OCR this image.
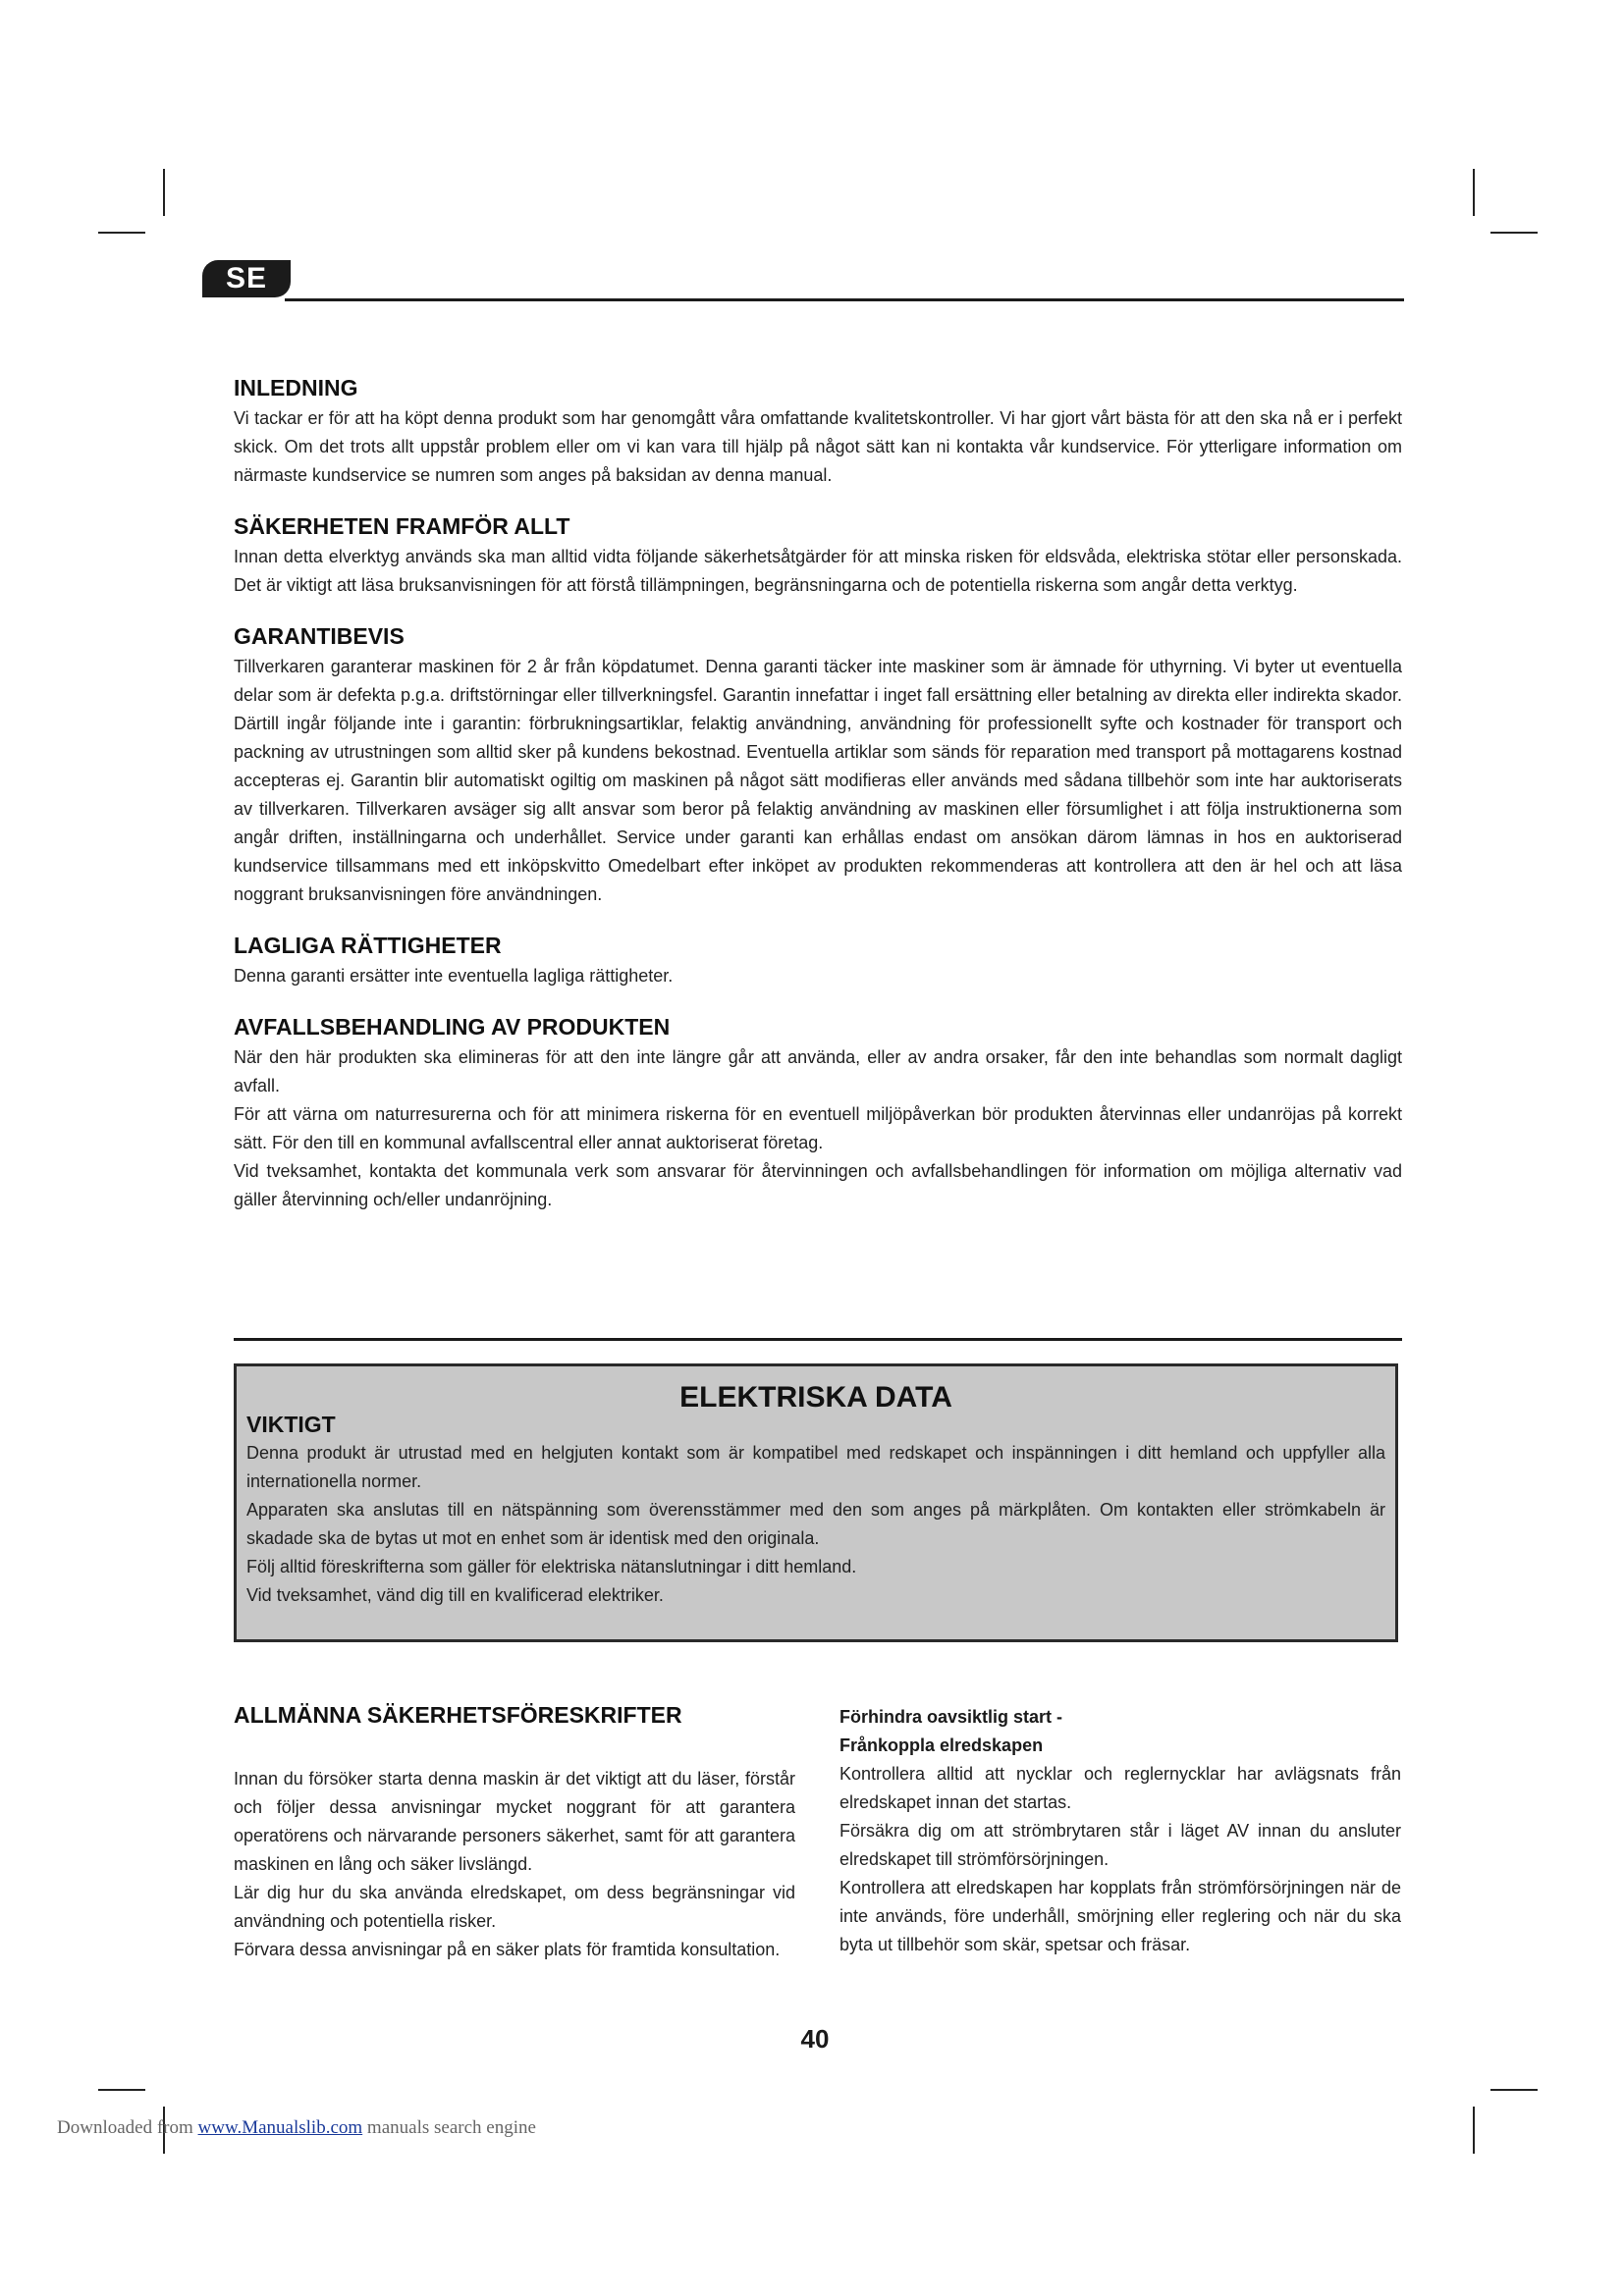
SE
INLEDNING

Vi tackar er för att ha köpt denna produkt som har genomgått våra omfattande kvalitetskontroller. Vi har gjort vårt bästa för att den ska nå er i perfekt skick. Om det trots allt uppstår problem eller om vi kan vara till hjälp på något sätt kan ni kontakta vår kundservice. För ytterligare information om närmaste kundservice se numren som anges på baksidan av denna manual.

SÄKERHETEN FRAMFÖR ALLT

Innan detta elverktyg används ska man alltid vidta följande säkerhetsåtgärder för att minska risken för eldsvåda, elektriska stötar eller personskada. Det är viktigt att läsa bruksanvisningen för att förstå tillämpningen, begränsningarna och de potentiella riskerna som angår detta verktyg.

GARANTIBEVIS

Tillverkaren garanterar maskinen för 2 år från köpdatumet. Denna garanti täcker inte maskiner som är ämnade för uthyrning. Vi byter ut eventuella delar som är defekta p.g.a. driftstörningar eller tillverkningsfel. Garantin innefattar i inget fall ersättning eller betalning av direkta eller indirekta skador. Därtill ingår följande inte i garantin: förbrukningsartiklar, felaktig användning, användning för professionellt syfte och kostnader för transport och packning av utrustningen som alltid sker på kundens bekostnad. Eventuella artiklar som sänds för reparation med transport på mottagarens kostnad accepteras ej. Garantin blir automatiskt ogiltig om maskinen på något sätt modifieras eller används med sådana tillbehör som inte har auktoriserats av tillverkaren. Tillverkaren avsäger sig allt ansvar som beror på felaktig användning av maskinen eller försumlighet i att följa instruktionerna som angår driften, inställningarna och underhållet. Service under garanti kan erhållas endast om ansökan därom lämnas in hos en auktoriserad kundservice tillsammans med ett inköpskvitto Omedelbart efter inköpet av produkten rekommenderas att kontrollera att den är hel och att läsa noggrant bruksanvisningen före användningen.

LAGLIGA RÄTTIGHETER

Denna garanti ersätter inte eventuella lagliga rättigheter.

AVFALLSBEHANDLING AV PRODUKTEN

När den här produkten ska elimineras för att den inte längre går att använda, eller av andra orsaker, får den inte behandlas som normalt dagligt avfall.

För att värna om naturresurerna och för att minimera riskerna för en eventuell miljöpåverkan bör produkten återvinnas eller undanröjas på korrekt sätt. För den till en kommunal avfallscentral eller annat auktoriserat företag.

Vid tveksamhet, kontakta det kommunala verk som ansvarar för återvinningen och avfallsbehandlingen för information om möjliga alternativ vad gäller återvinning och/eller undanröjning.

ELEKTRISKA DATA
VIKTIGT

Denna produkt är utrustad med en helgjuten kontakt som är kompatibel med redskapet och inspänningen i ditt hemland och uppfyller alla internationella normer.

Apparaten ska anslutas till en nätspänning som överensstämmer med den som anges på märkplåten. Om kontakten eller strömkabeln är skadade ska de bytas ut mot en enhet som är identisk med den originala.

Följ alltid föreskrifterna som gäller för elektriska nätanslutningar i ditt hemland.

Vid tveksamhet, vänd dig till en kvalificerad elektriker.

ALLMÄNNA SÄKERHETSFÖRESKRIFTER

Innan du försöker starta denna maskin är det viktigt att du läser, förstår och följer dessa anvisningar mycket noggrant för att garantera operatörens och närvarande personers säkerhet, samt för att garantera maskinen en lång och säker livslängd.

Lär dig hur du ska använda elredskapet, om dess begränsningar vid användning och potentiella risker.

Förvara dessa anvisningar på en säker plats för framtida konsultation.

Förhindra oavsiktlig start -
Frånkoppla elredskapen

Kontrollera alltid att nycklar och reglernycklar har avlägsnats från elredskapet innan det startas.

Försäkra dig om att strömbrytaren står i läget AV innan du ansluter elredskapet till strömförsörjningen.

Kontrollera att elredskapen har kopplats från strömförsörjningen när de inte används, före underhåll, smörjning eller reglering och när du ska byta ut tillbehör som skär, spetsar och fräsar.

40
Downloaded from www.Manualslib.com manuals search engine
